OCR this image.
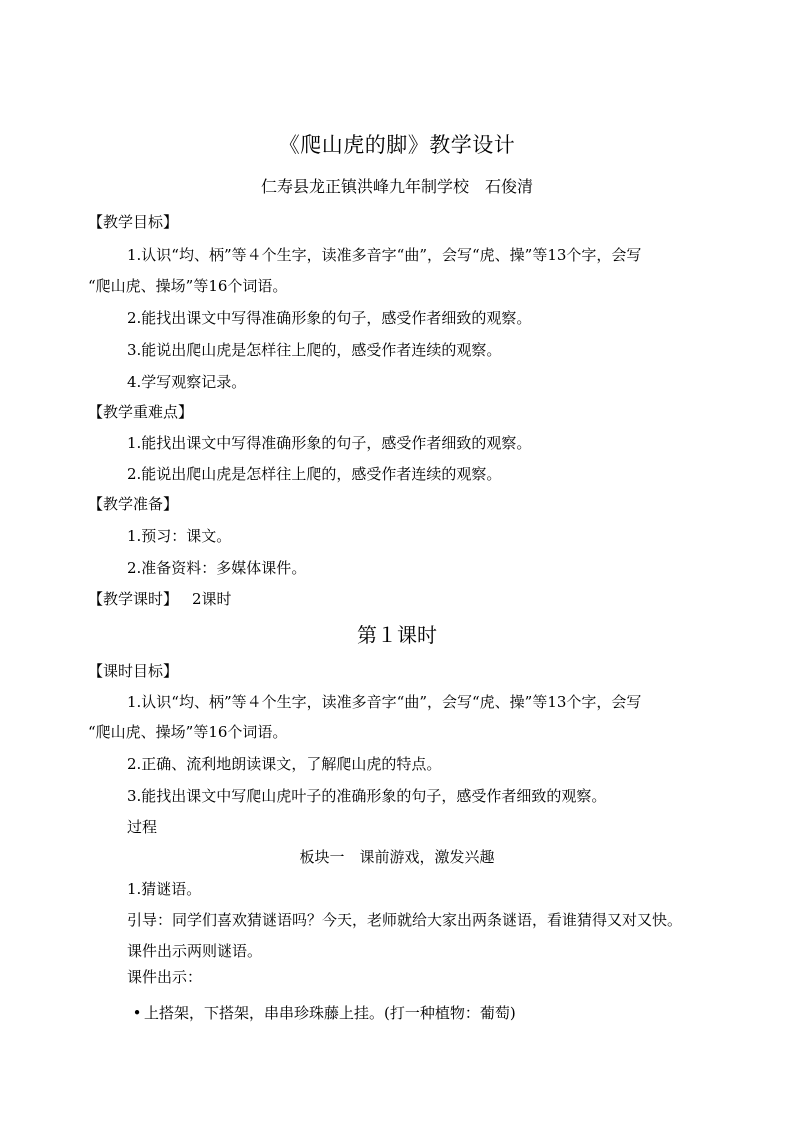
《爬山虎的脚》教学设计
仁寿县龙正镇洪峰九年制学校　石俊清
【教学目标】
1.认识“均、柄”等４个生字，读准多音字“曲”，会写“虎、操”等13个字，会写
“爬山虎、操场”等16个词语。
2.能找出课文中写得准确形象的句子，感受作者细致的观察。
3.能说出爬山虎是怎样往上爬的，感受作者连续的观察。
4.学写观察记录。
【教学重难点】
1.能找出课文中写得准确形象的句子，感受作者细致的观察。
2.能说出爬山虎是怎样往上爬的，感受作者连续的观察。
【教学准备】
1.预习：课文。
2.准备资料：多媒体课件。
【教学课时】 2课时
第１课时
【课时目标】
1.认识“均、柄”等４个生字，读准多音字“曲”，会写“虎、操”等13个字，会写
“爬山虎、操场”等16个词语。
2.正确、流利地朗读课文，了解爬山虎的特点。
3.能找出课文中写爬山虎叶子的准确形象的句子，感受作者细致的观察。
过程
板块一　课前游戏，激发兴趣
1.猜谜语。
引导：同学们喜欢猜谜语吗？今天，老师就给大家出两条谜语，看谁猜得又对又快。
课件出示两则谜语。
课件出示：
• 上搭架，下搭架，串串珍珠藤上挂。(打一种植物：葡萄)
